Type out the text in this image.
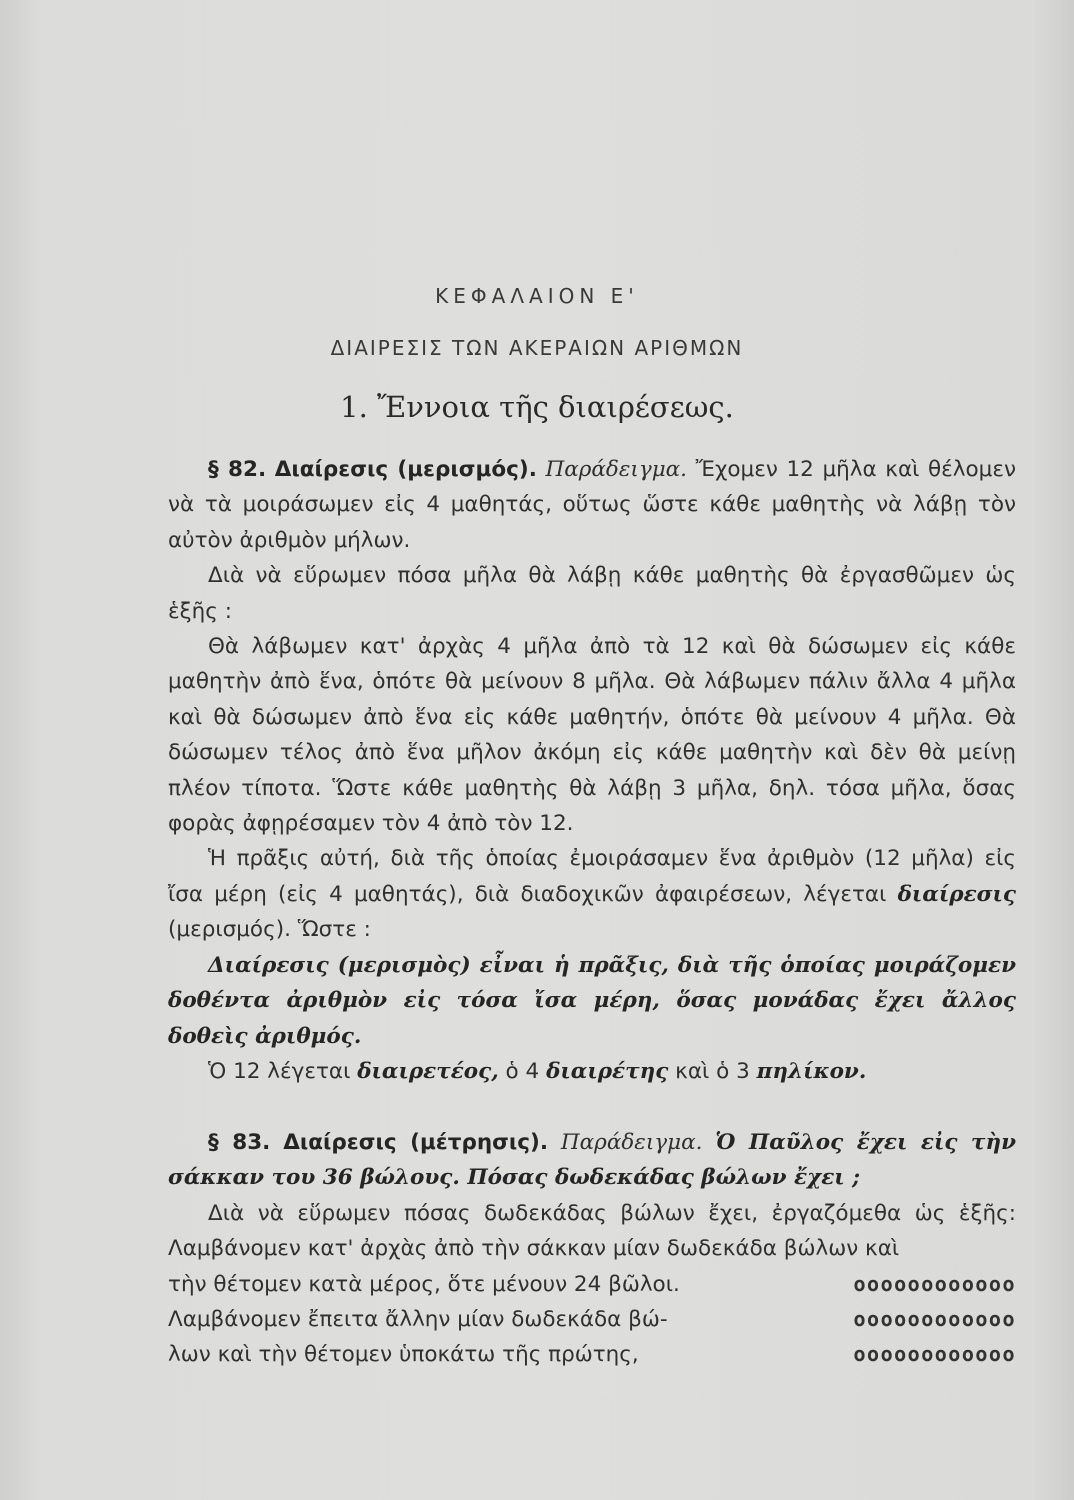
ΚΕΦΑΛΑΙΟΝ Ε'
ΔΙΑΙΡΕΣΙΣ ΤΩΝ ΑΚΕΡΑΙΩΝ ΑΡΙΘΜΩΝ
1. Ἔννοια τῆς διαιρέσεως.

§ 82. Διαίρεσις (μερισμός). Παράδειγμα. Ἔχομεν 12 μῆλα καὶ θέλομεν νὰ τὰ μοιράσωμεν εἰς 4 μαθητάς, οὕτως ὥστε κάθε μαθητὴς νὰ λάβῃ τὸν αὐτὸν ἀριθμὸν μήλων.

Διὰ νὰ εὕρωμεν πόσα μῆλα θὰ λάβῃ κάθε μαθητὴς θὰ ἐργασθῶμεν ὡς ἑξῆς :

Θὰ λάβωμεν κατ' ἀρχὰς 4 μῆλα ἀπὸ τὰ 12 καὶ θὰ δώσωμεν εἰς κάθε μαθητὴν ἀπὸ ἕνα, ὁπότε θὰ μείνουν 8 μῆλα. Θὰ λάβωμεν πάλιν ἄλλα 4 μῆλα καὶ θὰ δώσωμεν ἀπὸ ἕνα εἰς κάθε μαθητήν, ὁπότε θὰ μείνουν 4 μῆλα. Θὰ δώσωμεν τέλος ἀπὸ ἕνα μῆλον ἀκόμη εἰς κάθε μαθητὴν καὶ δὲν θὰ μείνῃ πλέον τίποτα. Ὥστε κάθε μαθητὴς θὰ λάβῃ 3 μῆλα, δηλ. τόσα μῆλα, ὅσας φορὰς ἀφῃρέσαμεν τὸν 4 ἀπὸ τὸν 12.

Ἡ πρᾶξις αὐτή, διὰ τῆς ὁποίας ἐμοιράσαμεν ἕνα ἀριθμὸν (12 μῆλα) εἰς ἴσα μέρη (εἰς 4 μαθητάς), διὰ διαδοχικῶν ἀφαιρέσεων, λέγεται διαίρεσις (μερισμός). Ὥστε :

Διαίρεσις (μερισμὸς) εἶναι ἡ πρᾶξις, διὰ τῆς ὁποίας μοιράζομεν δοθέντα ἀριθμὸν εἰς τόσα ἴσα μέρη, ὅσας μονάδας ἔχει ἄλλος δοθεὶς ἀριθμός.

Ὁ 12 λέγεται διαιρετέος, ὁ 4 διαιρέτης καὶ ὁ 3 πηλίκον.

§ 83. Διαίρεσις (μέτρησις). Παράδειγμα. Ὁ Παῦλος ἔχει εἰς τὴν σάκκαν του 36 βώλους. Πόσας δωδεκάδας βώλων ἔχει ;

Διὰ νὰ εὕρωμεν πόσας δωδεκάδας βώλων ἔχει, ἐργαζόμεθα ὡς ἑξῆς: Λαμβάνομεν κατ' ἀρχὰς ἀπὸ τὴν σάκκαν μίαν δωδεκάδα βώλων καὶ

τὴν θέτομεν κατὰ μέρος, ὅτε μένουν 24 βῶλοι.	oooooooooooo
Λαμβάνομεν ἔπειτα ἄλλην μίαν δωδεκάδα βώ-	oooooooooooo
λων καὶ τὴν θέτομεν ὑποκάτω τῆς πρώτης,	oooooooooooo
